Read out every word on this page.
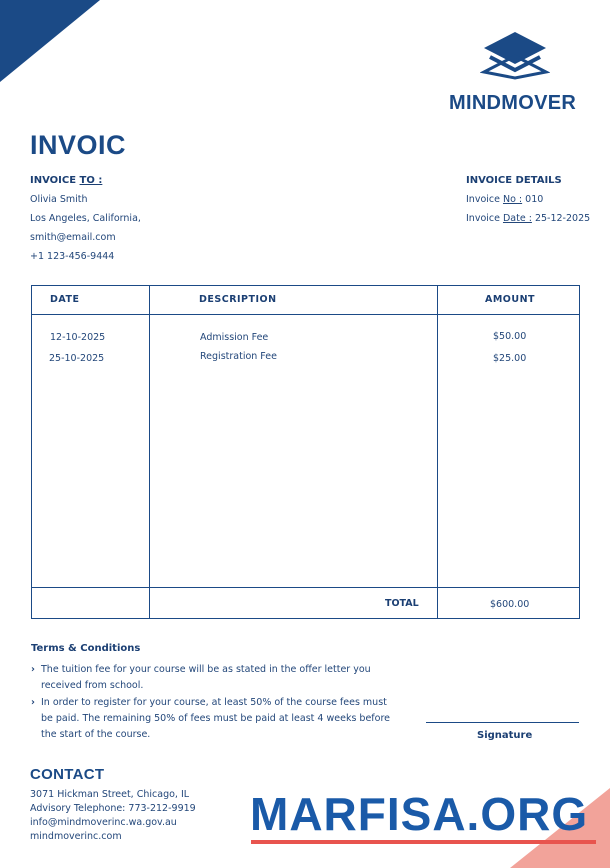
MINDMOVER
INVOIC
INVOICE TO :
Olivia Smith
Los Angeles, California,
smith@email.com
+1 123-456-9444
INVOICE DETAILS
Invoice No : 010
Invoice Date : 25-12-2025
DATE	DESCRIPTION	AMOUNT
12-10-2025	Admission Fee	$50.00
25-10-2025	Registration Fee	$25.00
TOTAL	$600.00
Terms & Conditions
› The tuition fee for your course will be as stated in the offer letter you received from school.
› In order to register for your course, at least 50% of the course fees must be paid. The remaining 50% of fees must be paid at least 4 weeks before the start of the course.	Signature
CONTACT
3071 Hickman Street, Chicago, IL
Advisory Telephone: 773-212-9919
info@mindmoverinc.wa.gov.au
mindmoverinc.com	MARFISA.ORG
